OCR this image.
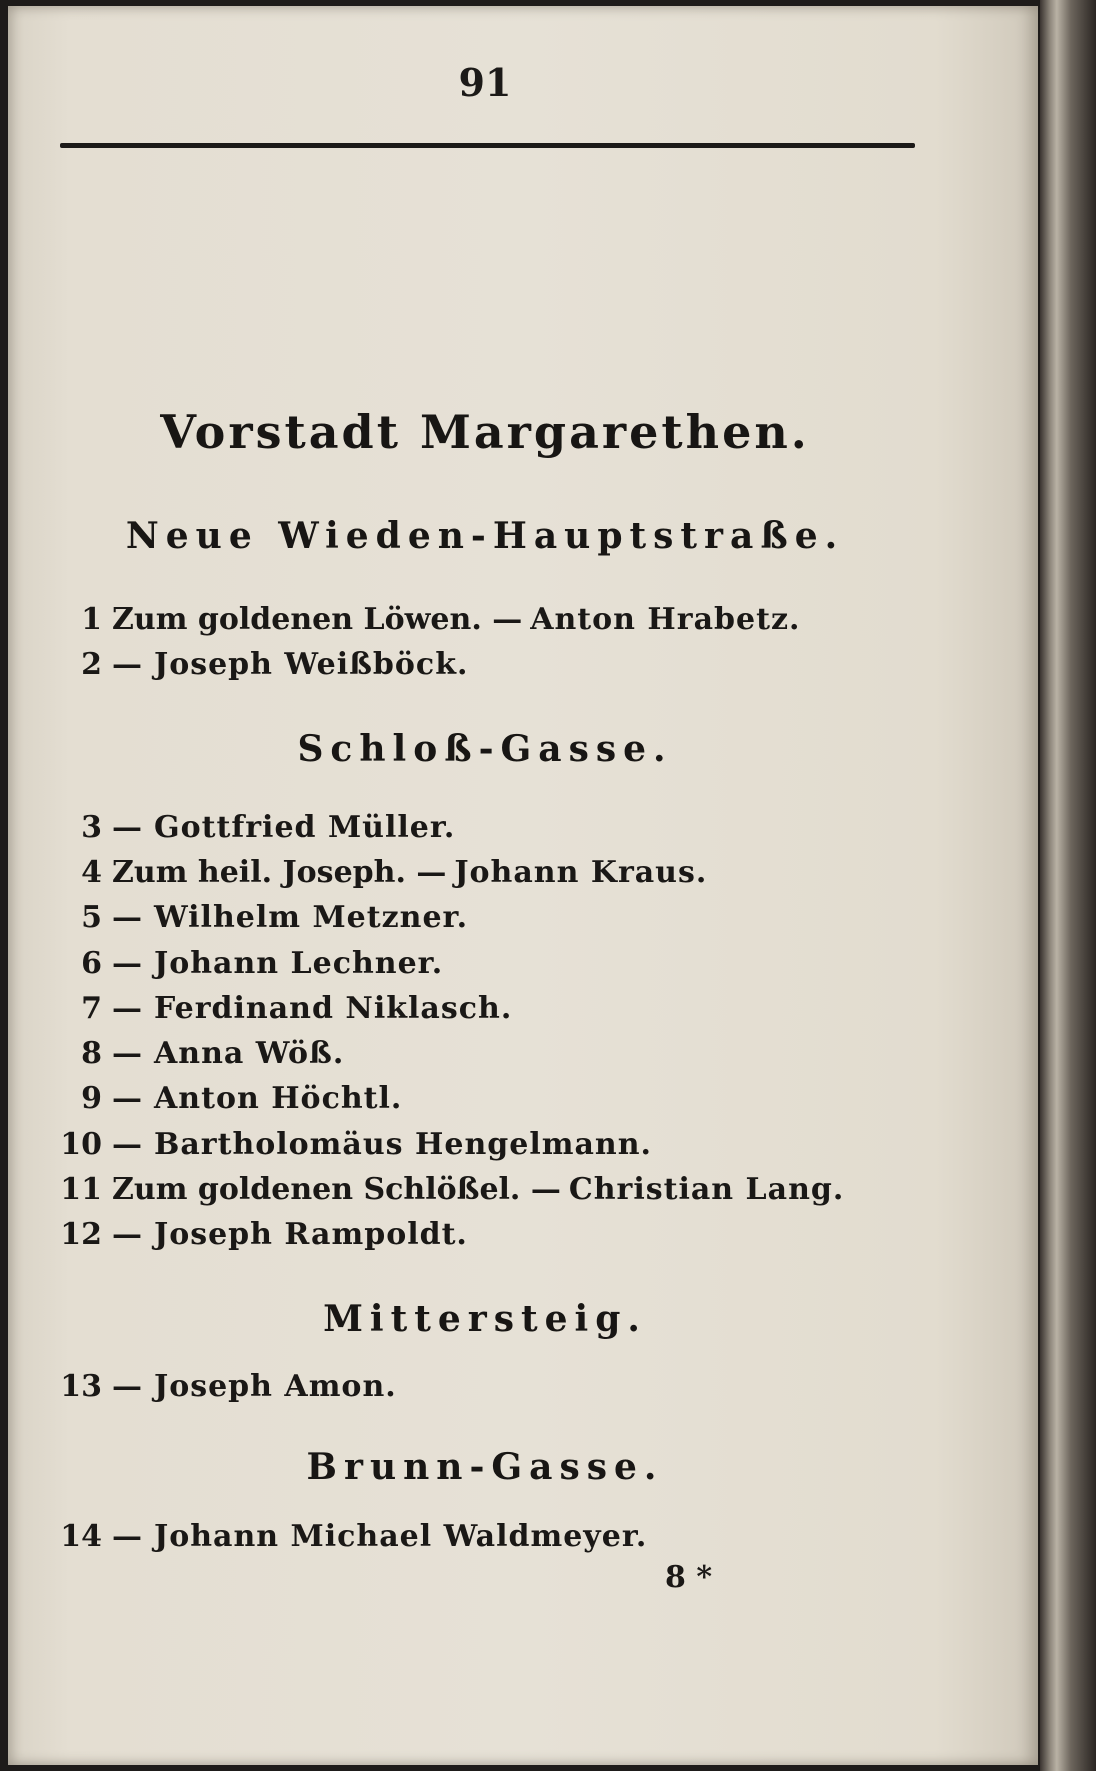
91
Vorstadt Margarethen.
Neue Wieden-Hauptstraße.
1 Zum goldenen Löwen. — Anton Hrabetz.
2 — Joseph Weißböck.
Schloß-Gasse.
3 — Gottfried Müller.
4 Zum heil. Joseph. — Johann Kraus.
5 — Wilhelm Metzner.
6 — Johann Lechner.
7 — Ferdinand Niklasch.
8 — Anna Wöß.
9 — Anton Höchtl.
10 — Bartholomäus Hengelmann.
11 Zum goldenen Schlößel. — Christian Lang.
12 — Joseph Rampoldt.
Mittersteig.
13 — Joseph Amon.
Brunn-Gasse.
14 — Johann Michael Waldmeyer.
8 *
